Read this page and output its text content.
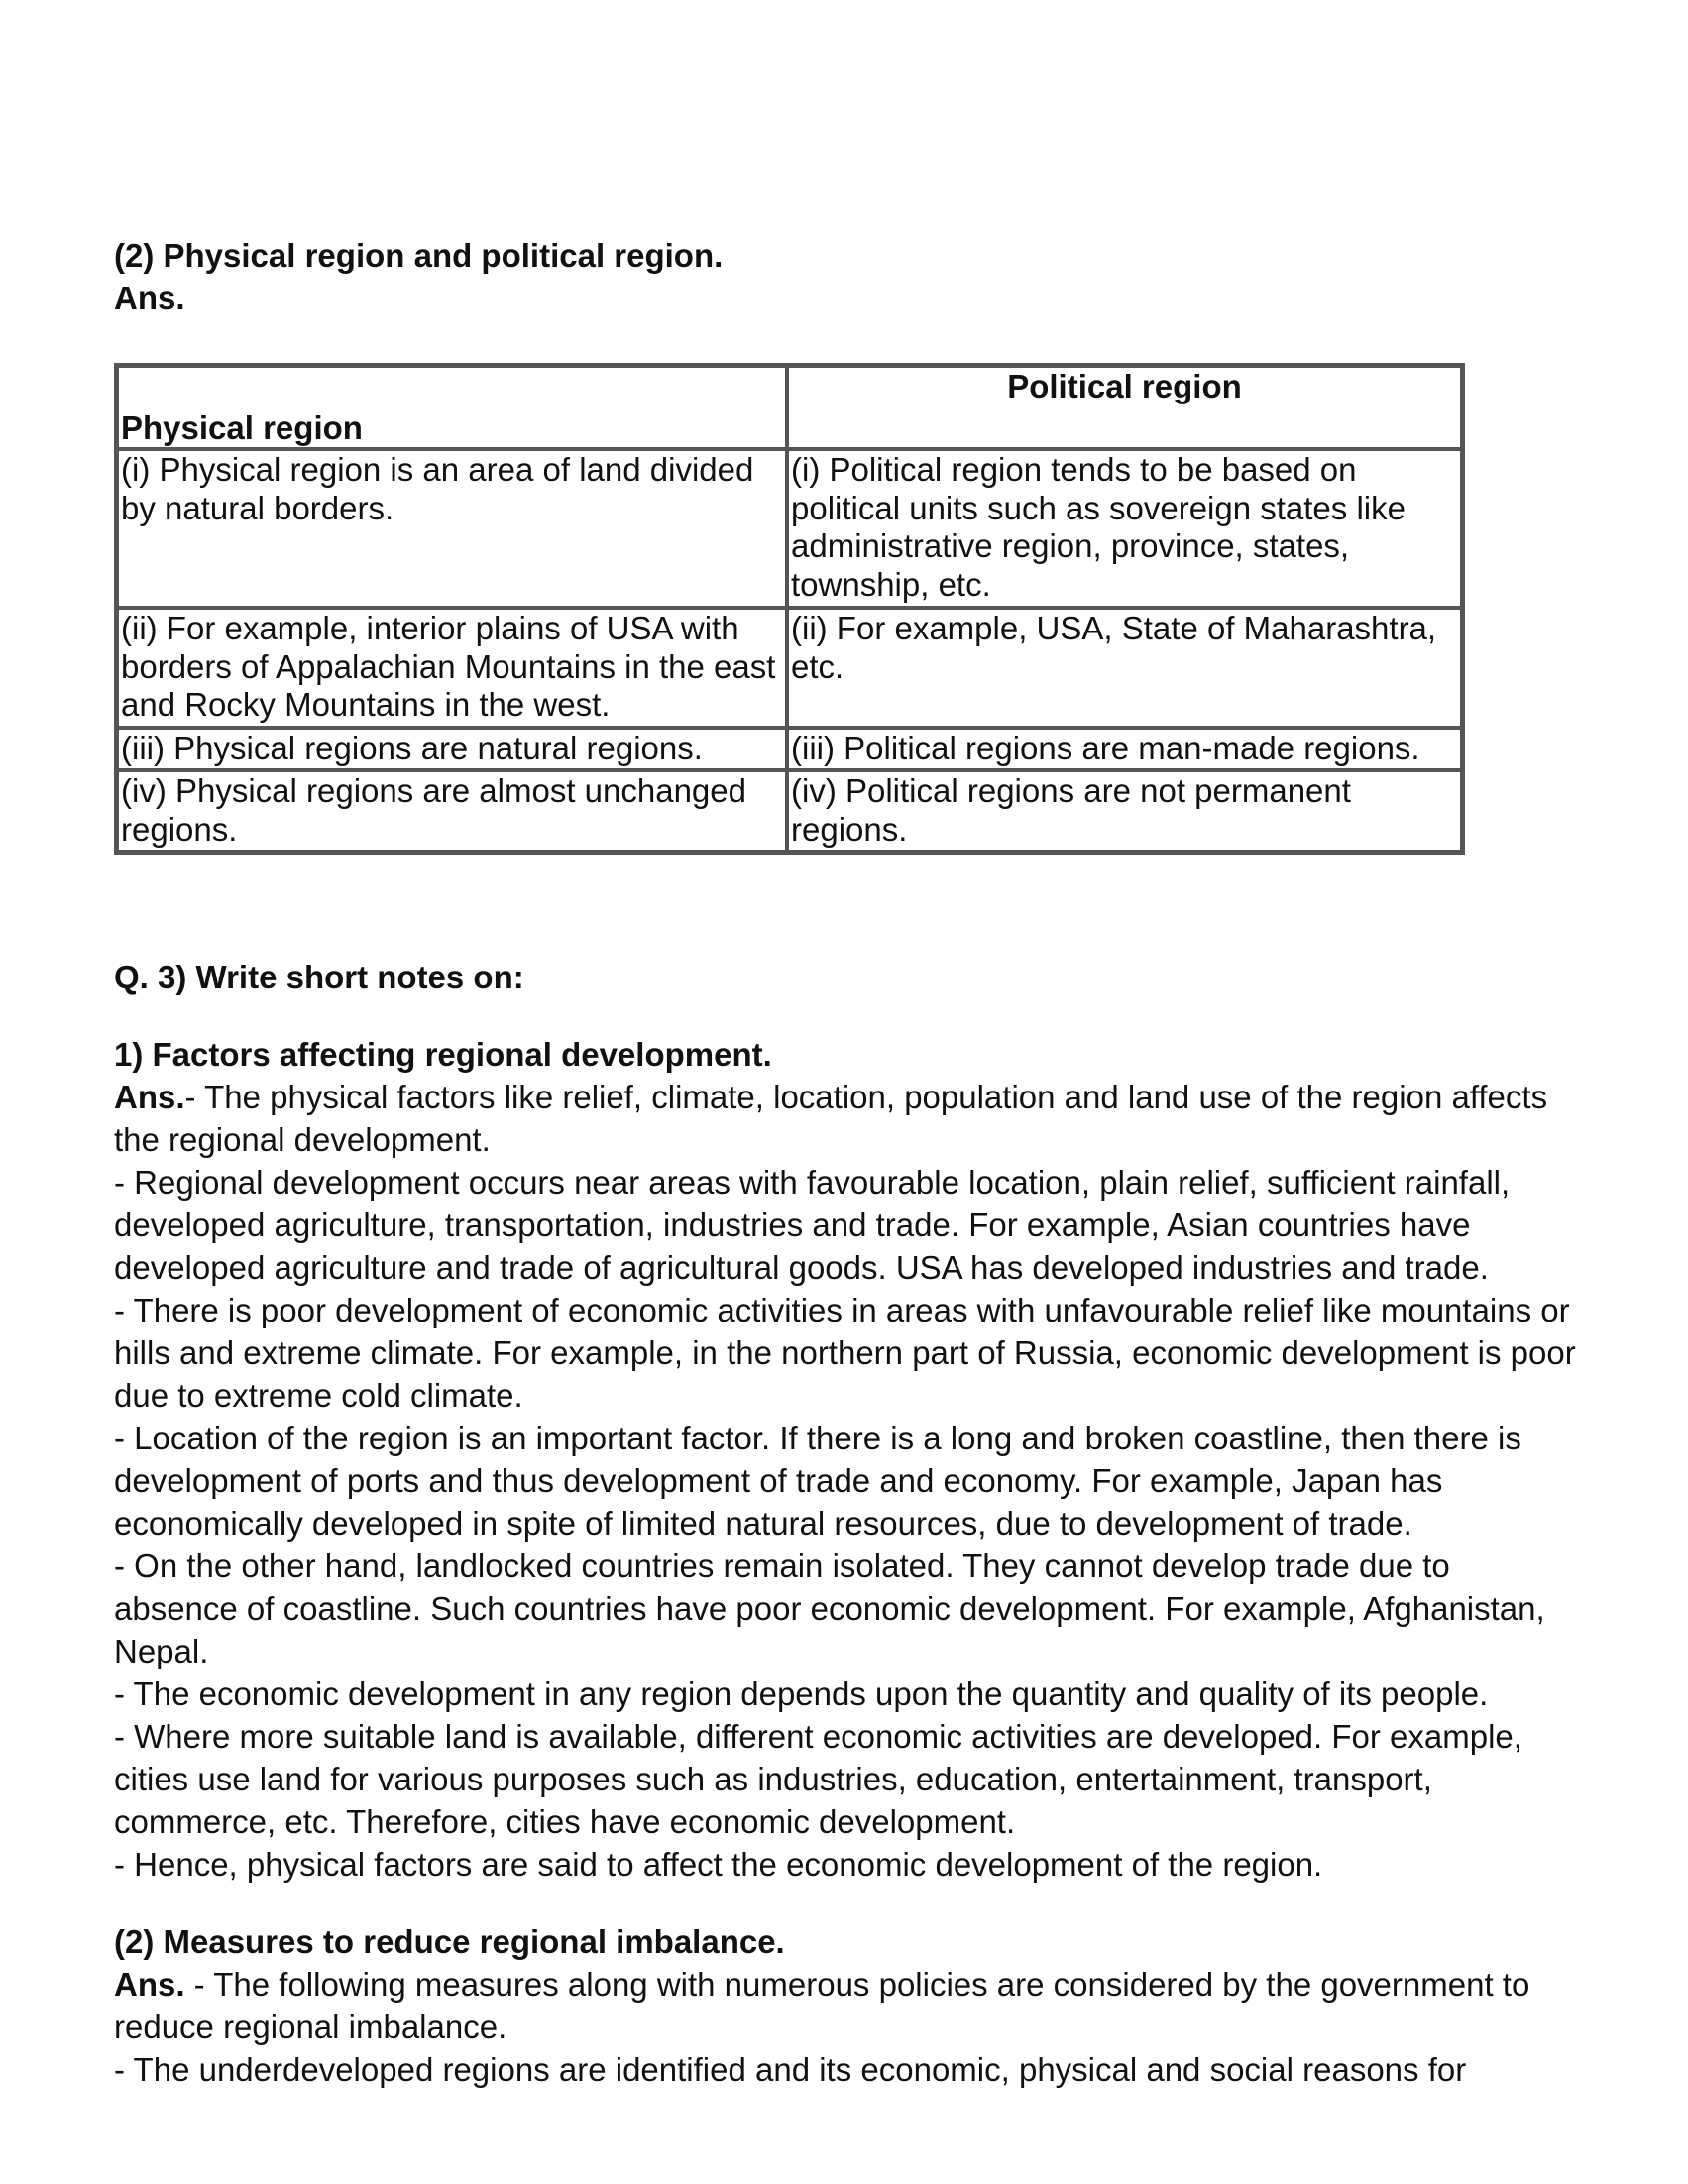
(2) Physical region and political region.

Ans.

Physical region	Political region
(i) Physical region is an area of land divided by natural borders.	(i) Political region tends to be based on political units such as sovereign states like administrative region, province, states, township, etc.
(ii) For example, interior plains of USA with borders of Appalachian Mountains in the east and Rocky Mountains in the west.	(ii) For example, USA, State of Maharashtra, etc.
(iii) Physical regions are natural regions.	(iii) Political regions are man-made regions.
(iv) Physical regions are almost unchanged regions.	(iv) Political regions are not permanent regions.

Q. 3) Write short notes on:

1) Factors affecting regional development.

Ans.- The physical factors like relief, climate, location, population and land use of the region affects the regional development.

- Regional development occurs near areas with favourable location, plain relief, sufficient rainfall, developed agriculture, transportation, industries and trade. For example, Asian countries have developed agriculture and trade of agricultural goods. USA has developed industries and trade.

- There is poor development of economic activities in areas with unfavourable relief like mountains or hills and extreme climate. For example, in the northern part of Russia, economic development is poor due to extreme cold climate.

- Location of the region is an important factor. If there is a long and broken coastline, then there is development of ports and thus development of trade and economy. For example, Japan has economically developed in spite of limited natural resources, due to development of trade.

- On the other hand, landlocked countries remain isolated. They cannot develop trade due to absence of coastline. Such countries have poor economic development. For example, Afghanistan, Nepal.

- The economic development in any region depends upon the quantity and quality of its people.

- Where more suitable land is available, different economic activities are developed. For example, cities use land for various purposes such as industries, education, entertainment, transport, commerce, etc. Therefore, cities have economic development.

- Hence, physical factors are said to affect the economic development of the region.

(2) Measures to reduce regional imbalance.

Ans. - The following measures along with numerous policies are considered by the government to reduce regional imbalance.

- The underdeveloped regions are identified and its economic, physical and social reasons for
